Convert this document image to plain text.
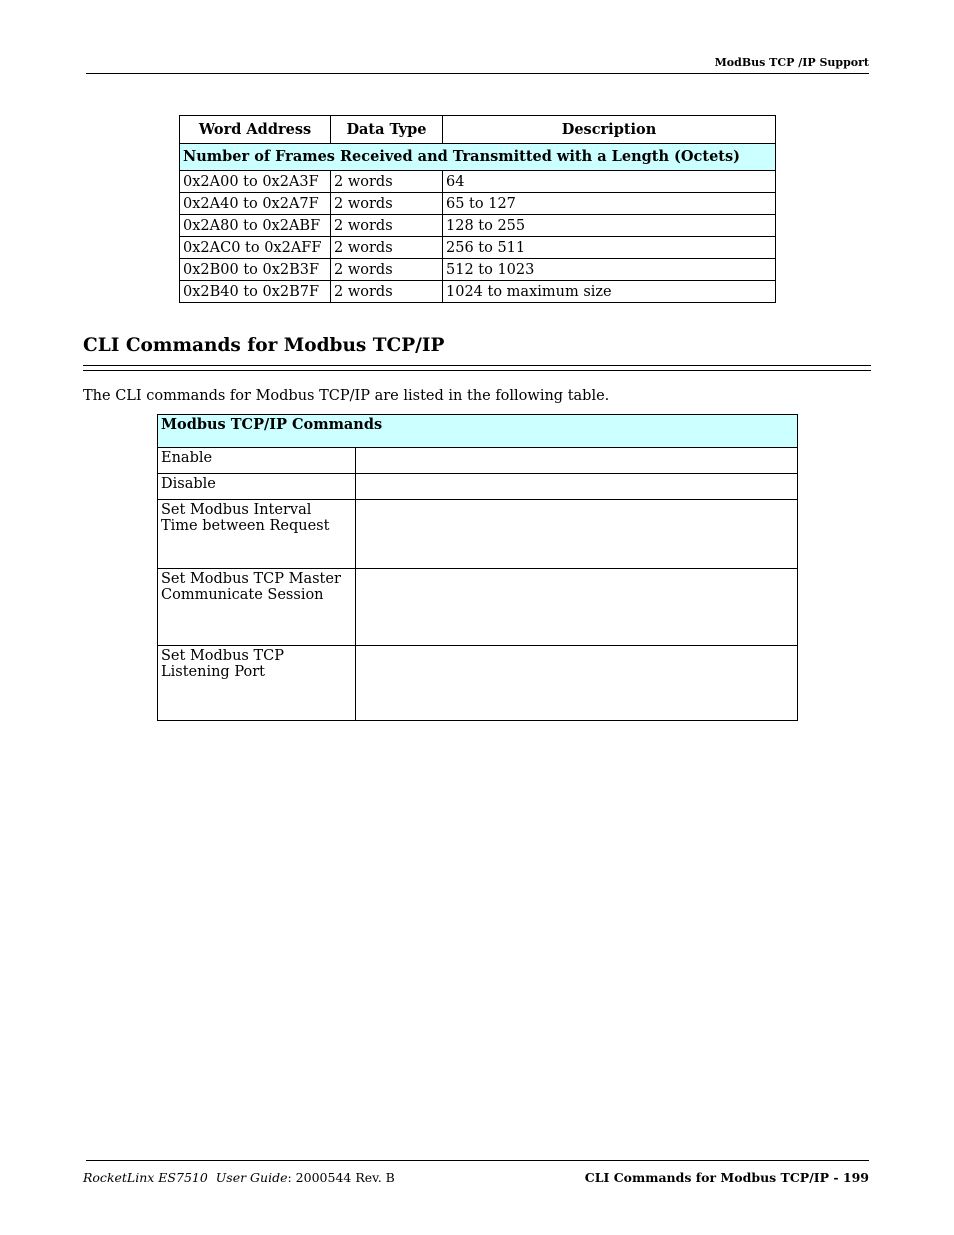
ModBus TCP /IP Support
Word Address	Data Type	Description
Number of Frames Received and Transmitted with a Length (Octets)		
0x2A00 to 0x2A3F	2 words	64
0x2A40 to 0x2A7F	2 words	65 to 127
0x2A80 to 0x2ABF	2 words	128 to 255
0x2AC0 to 0x2AFF	2 words	256 to 511
0x2B00 to 0x2B3F	2 words	512 to 1023
0x2B40 to 0x2B7F	2 words	1024 to maximum size
CLI Commands for Modbus TCP/IP

The CLI commands for Modbus TCP/IP are listed in the following table.

Modbus TCP/IP Commands	
Enable	
Disable	
Set Modbus Interval Time between Request	
Set Modbus TCP Master Communicate Session	
Set Modbus TCP Listening Port	
RocketLinx ES7510 User Guide: 2000544 Rev. B	CLI Commands for Modbus TCP/IP - 199
